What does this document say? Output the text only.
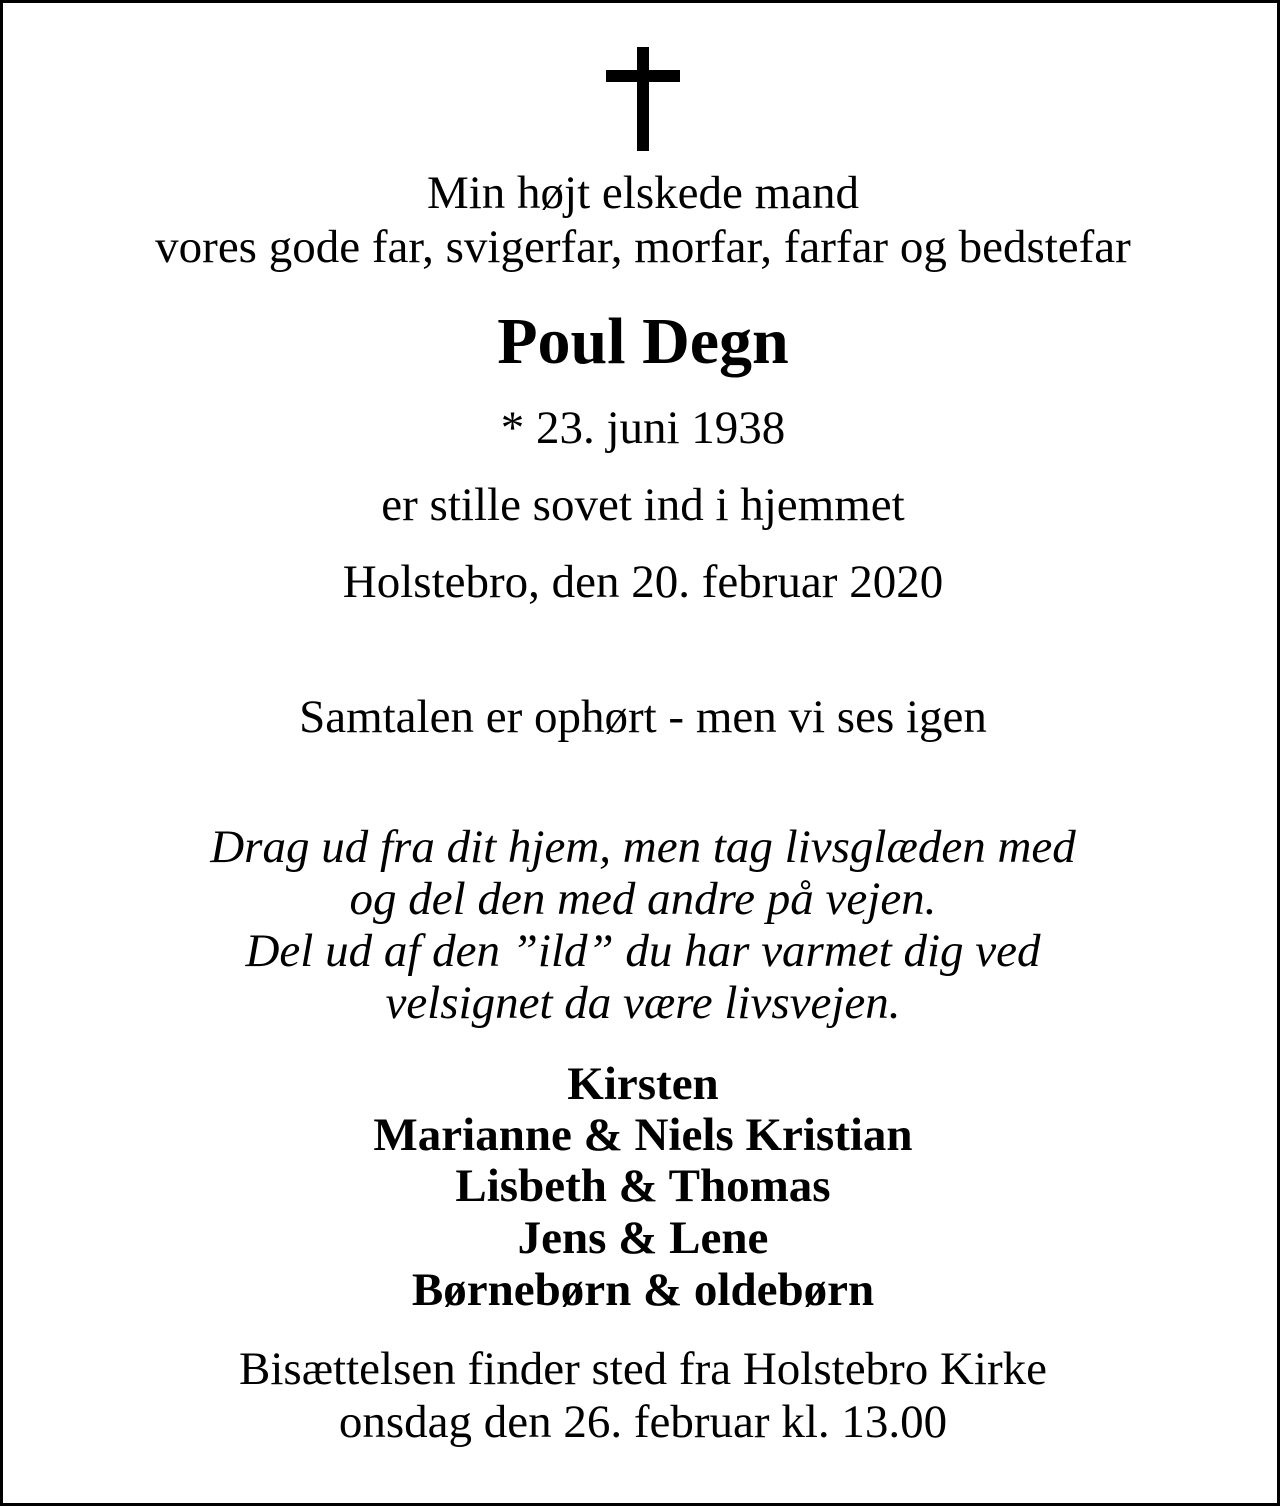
Min højt elskede mand

vores gode far, svigerfar, morfar, farfar og bedstefar

Poul Degn

* 23. juni 1938

er stille sovet ind i hjemmet

Holstebro, den 20. februar 2020

Samtalen er ophørt - men vi ses igen

Drag ud fra dit hjem, men tag livsglæden med

og del den med andre på vejen.

Del ud af den ”ild” du har varmet dig ved

velsignet da være livsvejen.

Kirsten

Marianne & Niels Kristian

Lisbeth & Thomas

Jens & Lene

Børnebørn & oldebørn

Bisættelsen finder sted fra Holstebro Kirke

onsdag den 26. februar kl. 13.00
